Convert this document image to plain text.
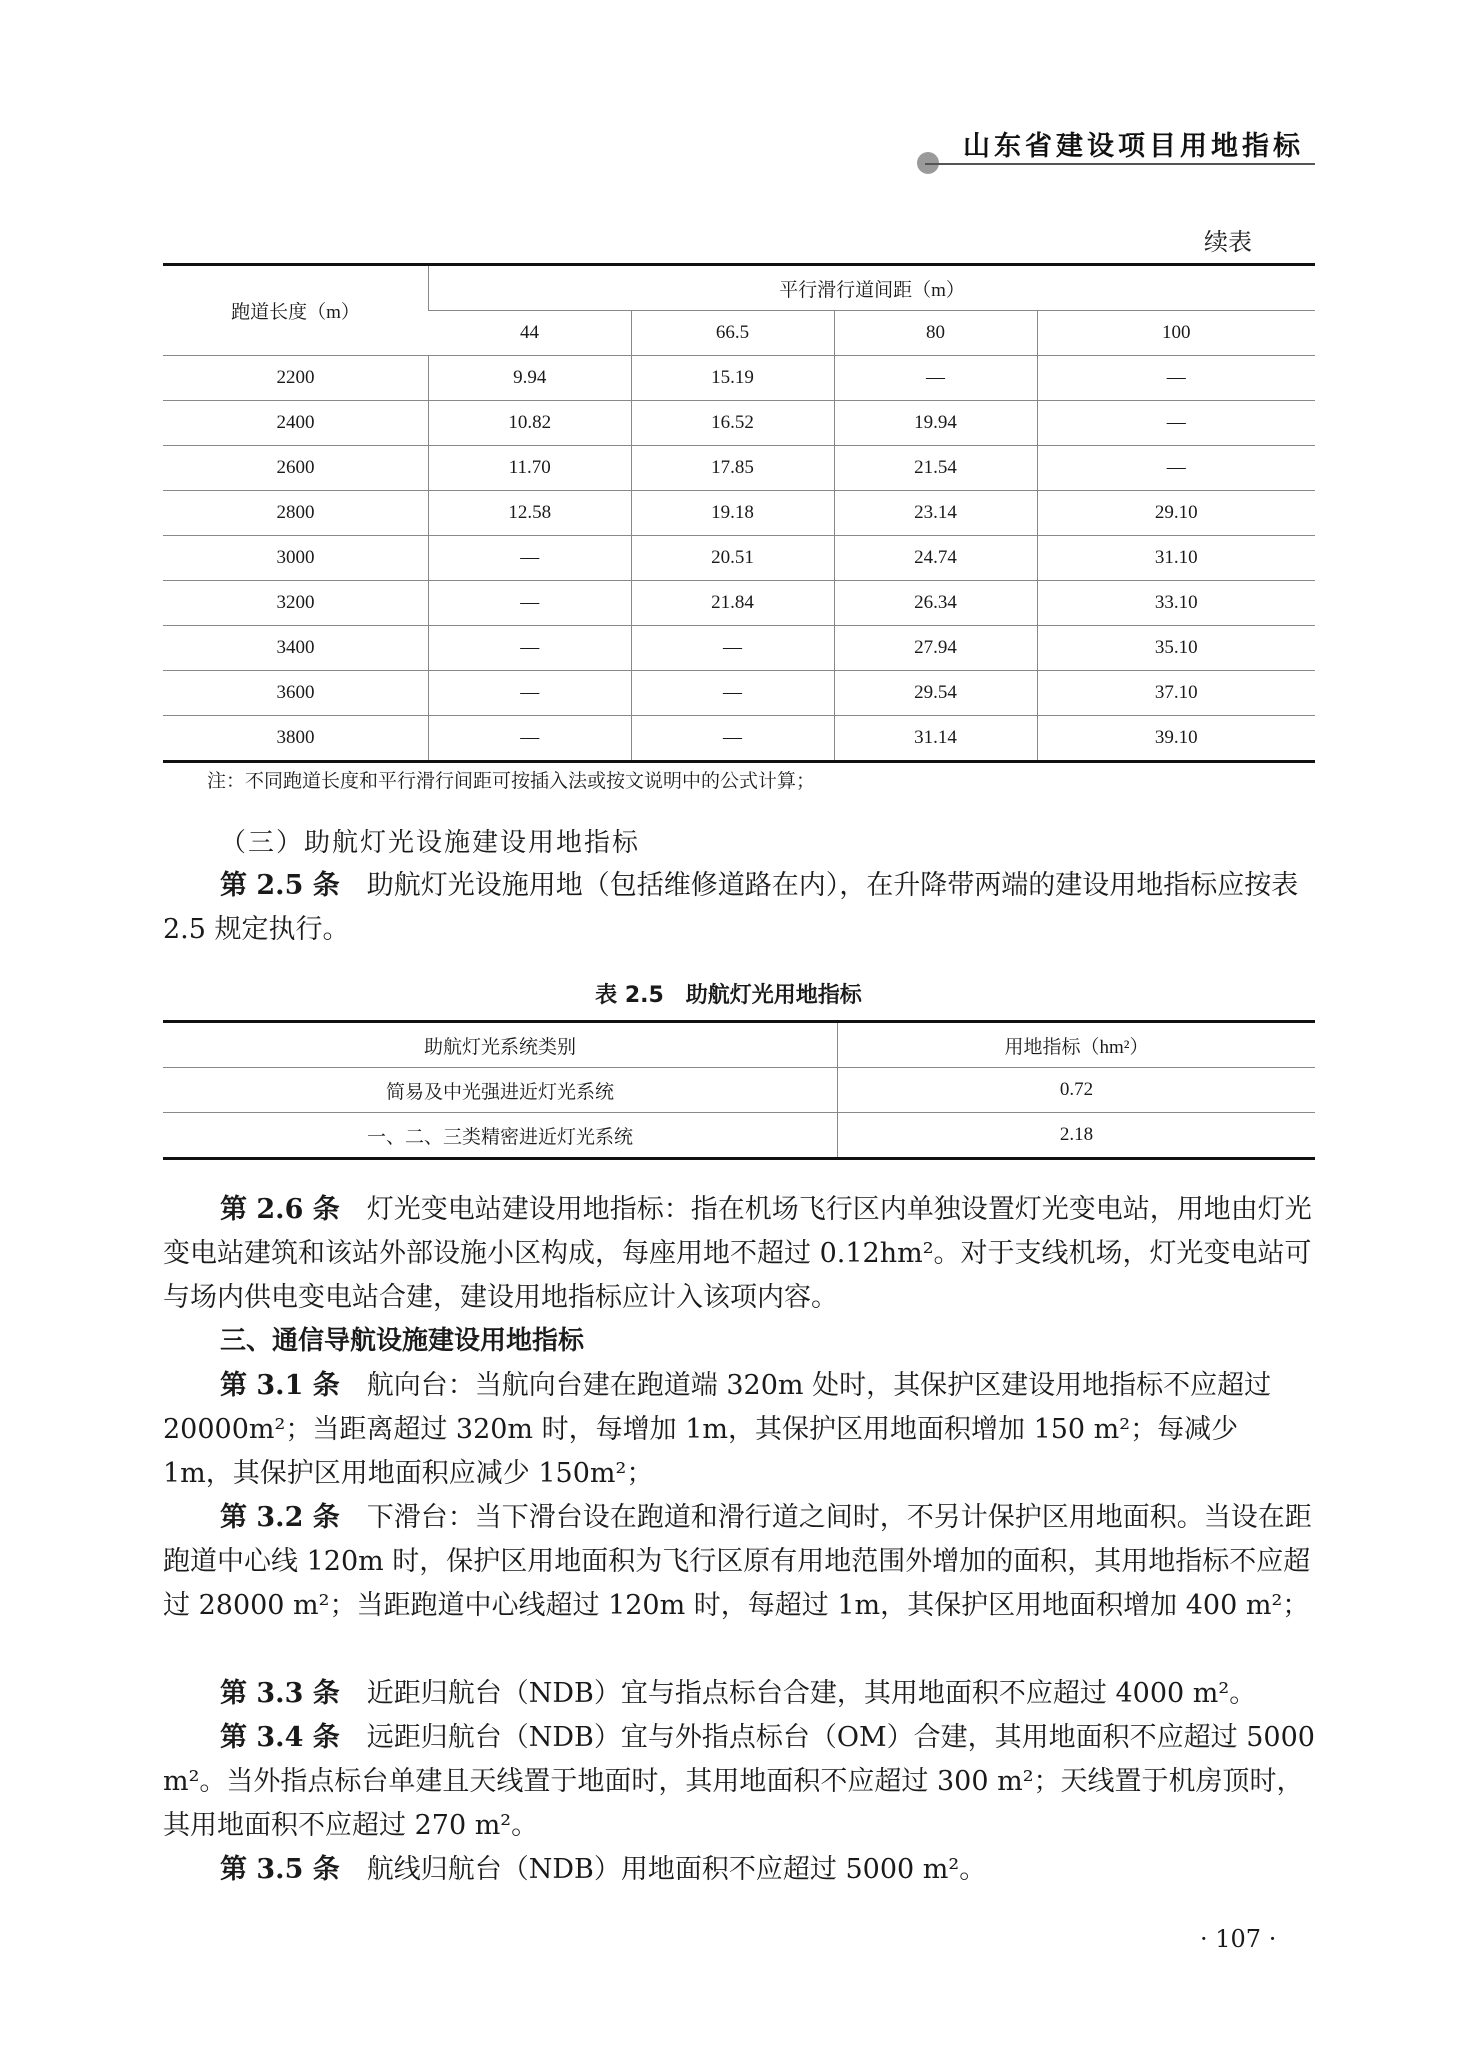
山东省建设项目用地指标
续表
跑道长度（m）	平行滑行道间距（m）			
	44	66.5	80	100
2200	9.94	15.19	—	—
2400	10.82	16.52	19.94	—
2600	11.70	17.85	21.54	—
2800	12.58	19.18	23.14	29.10
3000	—	20.51	24.74	31.10
3200	—	21.84	26.34	33.10
3400	—	—	27.94	35.10
3600	—	—	29.54	37.10
3800	—	—	31.14	39.10
注：不同跑道长度和平行滑行间距可按插入法或按文说明中的公式计算；
（三）助航灯光设施建设用地指标
第 2.5 条　 助航灯光设施用地（包括维修道路在内），在升降带两端的建设用地指标应按表 2.5 规定执行。
表 2.5　助航灯光用地指标
助航灯光系统类别	用地指标（hm²）
简易及中光强进近灯光系统	0.72
一、二、三类精密进近灯光系统	2.18
第 2.6 条　 灯光变电站建设用地指标：指在机场飞行区内单独设置灯光变电站，用地由灯光变电站建筑和该站外部设施小区构成，每座用地不超过 0.12hm²。对于支线机场，灯光变电站可与场内供电变电站合建，建设用地指标应计入该项内容。
三、通信导航设施建设用地指标
第 3.1 条　 航向台：当航向台建在跑道端 320m 处时，其保护区建设用地指标不应超过 20000m²；当距离超过 320m 时，每增加 1m，其保护区用地面积增加 150 m²；每减少 1m，其保护区用地面积应减少 150m²；
第 3.2 条　 下滑台：当下滑台设在跑道和滑行道之间时，不另计保护区用地面积。当设在距跑道中心线 120m 时，保护区用地面积为飞行区原有用地范围外增加的面积，其用地指标不应超过 28000 m²；当距跑道中心线超过 120m 时，每超过 1m，其保护区用地面积增加 400 m²；
第 3.3 条　 近距归航台（NDB）宜与指点标台合建，其用地面积不应超过 4000 m²。
第 3.4 条　 远距归航台（NDB）宜与外指点标台（OM）合建，其用地面积不应超过 5000 m²。当外指点标台单建且天线置于地面时，其用地面积不应超过 300 m²；天线置于机房顶时，其用地面积不应超过 270 m²。
第 3.5 条　 航线归航台（NDB）用地面积不应超过 5000 m²。
· 107 ·
